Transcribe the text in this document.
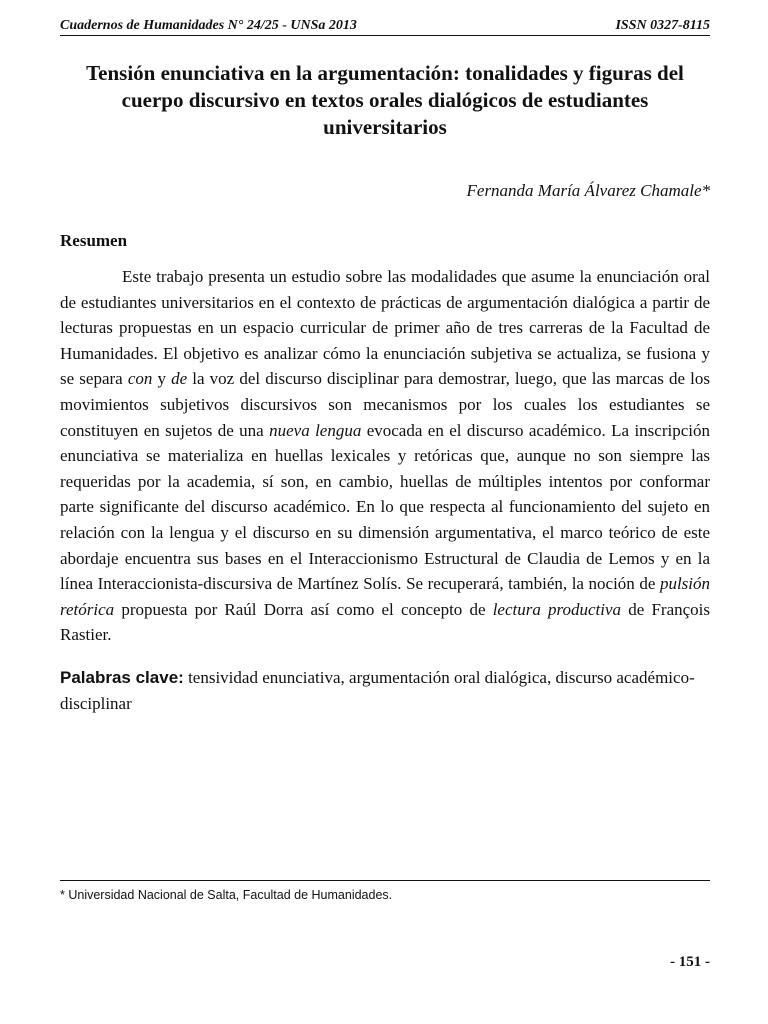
Cuadernos de Humanidades N° 24/25 - UNSa 2013	ISSN 0327-8115
Tensión enunciativa en la argumentación: tonalidades y figuras del cuerpo discursivo en textos orales dialógicos de estudiantes universitarios
Fernanda María Álvarez Chamale*
Resumen

Este trabajo presenta un estudio sobre las modalidades que asume la enunciación oral de estudiantes universitarios en el contexto de prácticas de argumentación dialógica a partir de lecturas propuestas en un espacio curricular de primer año de tres carreras de la Facultad de Humanidades. El objetivo es analizar cómo la enunciación subjetiva se actualiza, se fusiona y se separa con y de la voz del discurso disciplinar para demostrar, luego, que las marcas de los movimientos subjetivos discursivos son mecanismos por los cuales los estudiantes se constituyen en sujetos de una nueva lengua evocada en el discurso académico. La inscripción enunciativa se materializa en huellas lexicales y retóricas que, aunque no son siempre las requeridas por la academia, sí son, en cambio, huellas de múltiples intentos por conformar parte significante del discurso académico. En lo que respecta al funcionamiento del sujeto en relación con la lengua y el discurso en su dimensión argumentativa, el marco teórico de este abordaje encuentra sus bases en el Interaccionismo Estructural de Claudia de Lemos y en la línea Interaccionista-discursiva de Martínez Solís. Se recuperará, también, la noción de pulsión retórica propuesta por Raúl Dorra así como el concepto de lectura productiva de François Rastier.

Palabras clave: tensividad enunciativa, argumentación oral dialógica, discurso académico-disciplinar

* Universidad Nacional de Salta, Facultad de Humanidades.
- 151 -
